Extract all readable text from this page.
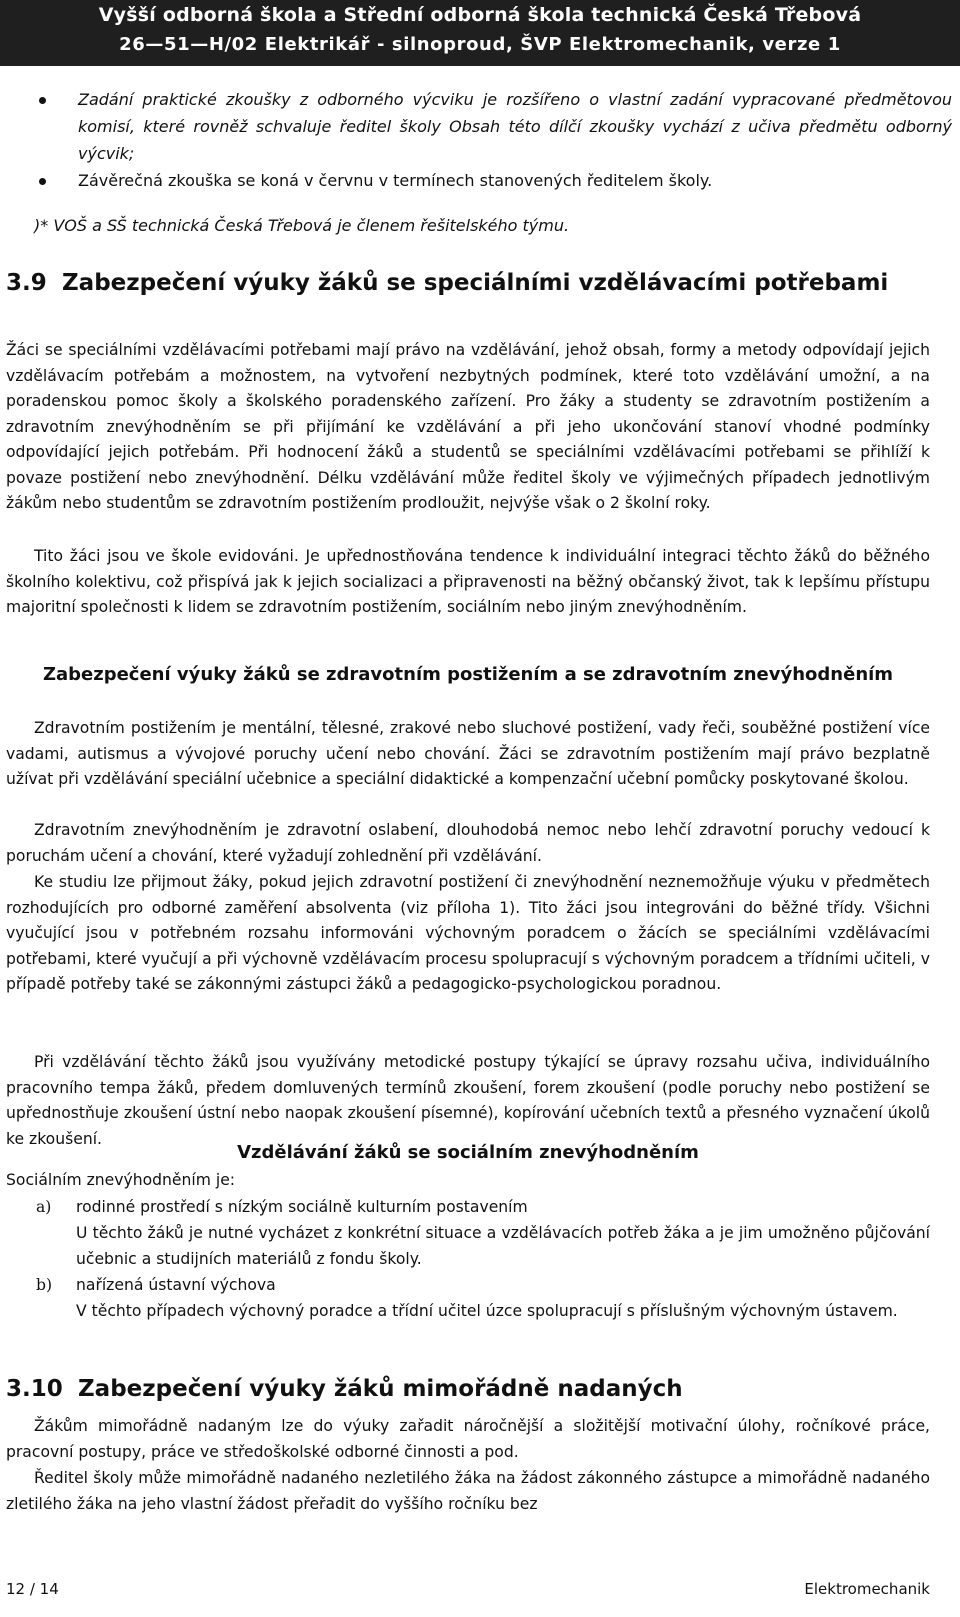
Vyšší odborná škola a Střední odborná škola technická Česká Třebová
26—51—H/02 Elektrikář - silnoproud, ŠVP Elektromechanik, verze 1
Zadání praktické zkoušky z odborného výcviku je rozšířeno o vlastní zadání vypracované předmětovou komisí, které rovněž schvaluje ředitel školy Obsah této dílčí zkoušky vychází z učiva předmětu odborný výcvik;
Závěrečná zkouška se koná v červnu v termínech stanovených ředitelem školy.
)* VOŠ a SŠ technická Česká Třebová je členem řešitelského týmu.
3.9 Zabezpečení výuky žáků se speciálními vzdělávacími potřebami

Žáci se speciálními vzdělávacími potřebami mají právo na vzdělávání, jehož obsah, formy a metody odpovídají jejich vzdělávacím potřebám a možnostem, na vytvoření nezbytných podmínek, které toto vzdělávání umožní, a na poradenskou pomoc školy a školského poradenského zařízení. Pro žáky a studenty se zdravotním postižením a zdravotním znevýhodněním se při přijímání ke vzdělávání a při jeho ukončování stanoví vhodné podmínky odpovídající jejich potřebám. Při hodnocení žáků a studentů se speciálními vzdělávacími potřebami se přihlíží k povaze postižení nebo znevýhodnění. Délku vzdělávání může ředitel školy ve výjimečných případech jednotlivým žákům nebo studentům se zdravotním postižením prodloužit, nejvýše však o 2 školní roky.

Tito žáci jsou ve škole evidováni. Je upřednostňována tendence k individuální integraci těchto žáků do běžného školního kolektivu, což přispívá jak k jejich socializaci a připravenosti na běžný občanský život, tak k lepšímu přístupu majoritní společnosti k lidem se zdravotním postižením, sociálním nebo jiným znevýhodněním.

Zabezpečení výuky žáků se zdravotním postižením a se zdravotním znevýhodněním

Zdravotním postižením je mentální, tělesné, zrakové nebo sluchové postižení, vady řeči, souběžné postižení více vadami, autismus a vývojové poruchy učení nebo chování. Žáci se zdravotním postižením mají právo bezplatně užívat při vzdělávání speciální učebnice a speciální didaktické a kompenzační učební pomůcky poskytované školou.

Zdravotním znevýhodněním je zdravotní oslabení, dlouhodobá nemoc nebo lehčí zdravotní poruchy vedoucí k poruchám učení a chování, které vyžadují zohlednění při vzdělávání.

Ke studiu lze přijmout žáky, pokud jejich zdravotní postižení či znevýhodnění neznemožňuje výuku v předmětech rozhodujících pro odborné zaměření absolventa (viz příloha 1). Tito žáci jsou integrováni do běžné třídy. Všichni vyučující jsou v potřebném rozsahu informováni výchovným poradcem o žácích se speciálními vzdělávacími potřebami, které vyučují a při výchovně vzdělávacím procesu spolupracují s výchovným poradcem a třídními učiteli, v případě potřeby také se zákonnými zástupci žáků a pedagogicko-psychologickou poradnou.

Při vzdělávání těchto žáků jsou využívány metodické postupy týkající se úpravy rozsahu učiva, individuálního pracovního tempa žáků, předem domluvených termínů zkoušení, forem zkoušení (podle poruchy nebo postižení se upřednostňuje zkoušení ústní nebo naopak zkoušení písemné), kopírování učebních textů a přesného vyznačení úkolů ke zkoušení.

Vzdělávání žáků se sociálním znevýhodněním

Sociálním znevýhodněním je:

a) rodinné prostředí s nízkým sociálně kulturním postavením
U těchto žáků je nutné vycházet z konkrétní situace a vzdělávacích potřeb žáka a je jim umožněno půjčování učebnic a studijních materiálů z fondu školy.
b) nařízená ústavní výchova
V těchto případech výchovný poradce a třídní učitel úzce spolupracují s příslušným výchovným ústavem.
3.10 Zabezpečení výuky žáků mimořádně nadaných

Žákům mimořádně nadaným lze do výuky zařadit náročnější a složitější motivační úlohy, ročníkové práce, pracovní postupy, práce ve středoškolské odborné činnosti a pod.

Ředitel školy může mimořádně nadaného nezletilého žáka na žádost zákonného zástupce a mimořádně nadaného zletilého žáka na jeho vlastní žádost přeřadit do vyššího ročníku bez

12 / 14	Elektromechanik
